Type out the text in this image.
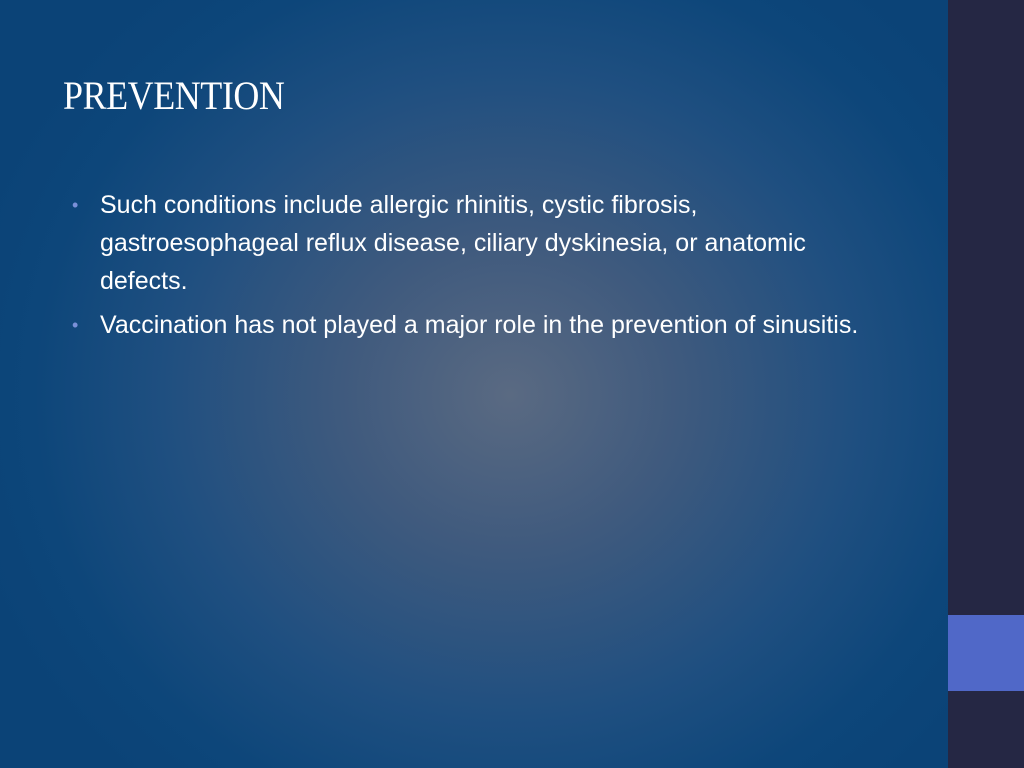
PREVENTION
• Such conditions include allergic rhinitis, cystic fibrosis, gastroesophageal reflux disease, ciliary dyskinesia, or anatomic defects.
• Vaccination has not played a major role in the prevention of sinusitis.
